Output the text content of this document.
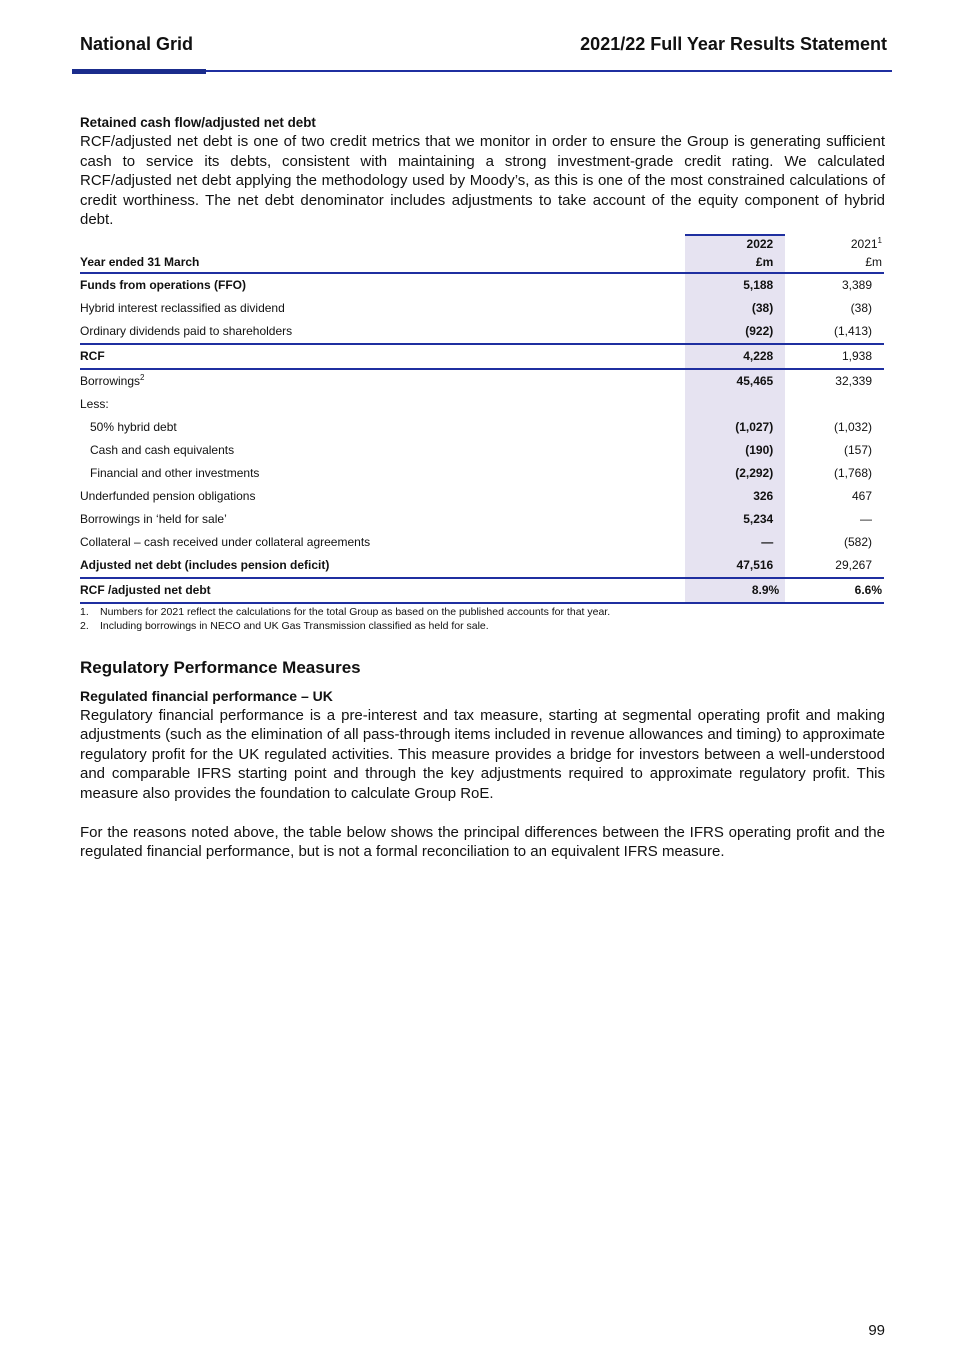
National Grid	2021/22 Full Year Results Statement
Retained cash flow/adjusted net debt

RCF/adjusted net debt is one of two credit metrics that we monitor in order to ensure the Group is generating sufficient cash to service its debts, consistent with maintaining a strong investment-grade credit rating. We calculated RCF/adjusted net debt applying the methodology used by Moody’s, as this is one of the most constrained calculations of credit worthiness. The net debt denominator includes adjustments to take account of the equity component of hybrid debt.

	2022	2021$^1$
Year ended 31 March	£m	£m
Funds from operations (FFO)	5,188	3,389
Hybrid interest reclassified as dividend	(38)	(38)
Ordinary dividends paid to shareholders	(922)	(1,413)
RCF	4,228	1,938
Borrowings$^2$	45,465	32,339
Less:		
50% hybrid debt	(1,027)	(1,032)
Cash and cash equivalents	(190)	(157)
Financial and other investments	(2,292)	(1,768)
Underfunded pension obligations	326	467
Borrowings in ‘held for sale’	5,234	—
Collateral – cash received under collateral agreements	—	(582)
Adjusted net debt (includes pension deficit)	47,516	29,267
RCF /adjusted net debt	8.9%	6.6%
1. Numbers for 2021 reflect the calculations for the total Group as based on the published accounts for that year.
2. Including borrowings in NECO and UK Gas Transmission classified as held for sale.
Regulatory Performance Measures
Regulated financial performance – UK

Regulatory financial performance is a pre-interest and tax measure, starting at segmental operating profit and making adjustments (such as the elimination of all pass-through items included in revenue allowances and timing) to approximate regulatory profit for the UK regulated activities. This measure provides a bridge for investors between a well-understood and comparable IFRS starting point and through the key adjustments required to approximate regulatory profit. This measure also provides the foundation to calculate Group RoE.

For the reasons noted above, the table below shows the principal differences between the IFRS operating profit and the regulated financial performance, but is not a formal reconciliation to an equivalent IFRS measure.

99
